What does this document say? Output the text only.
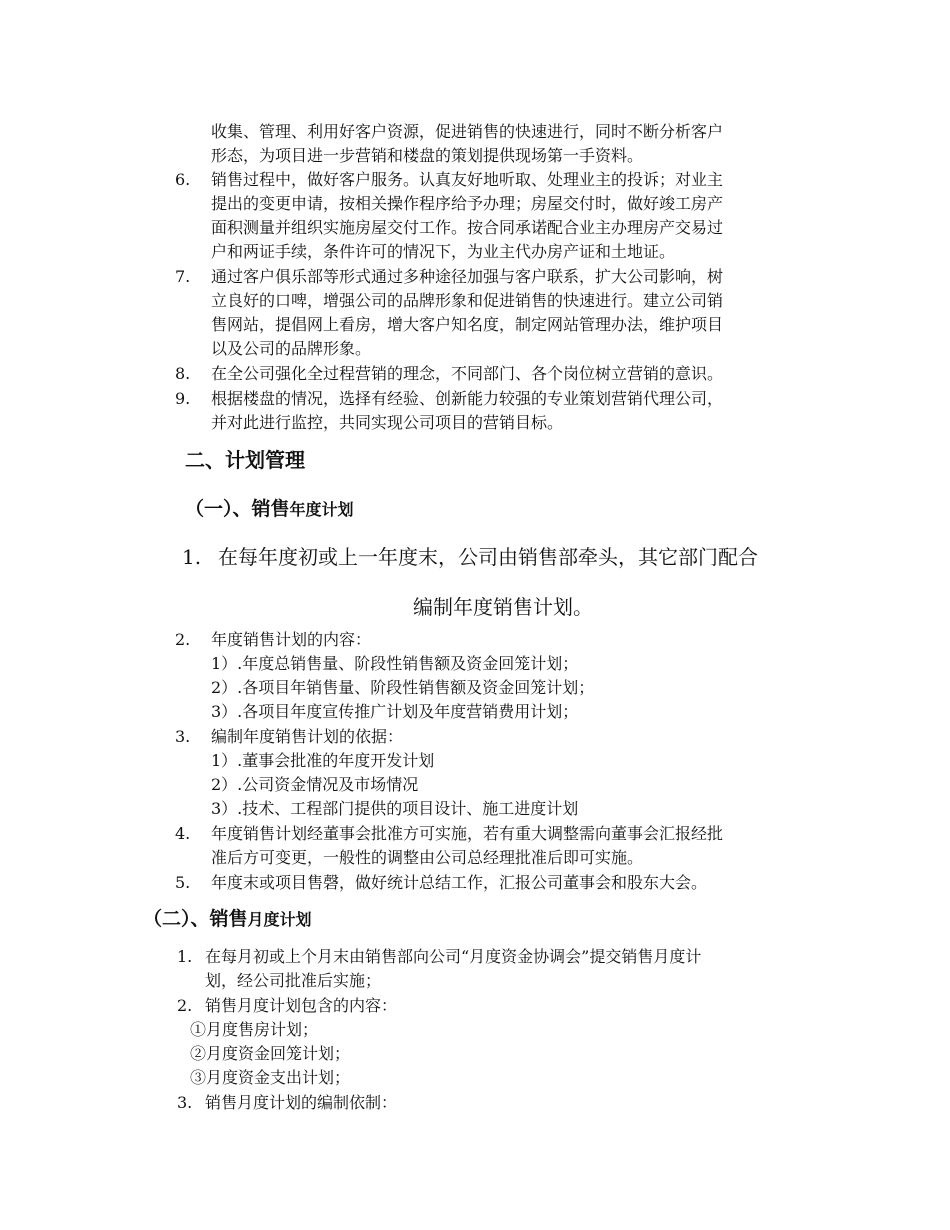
收集、管理、利用好客户资源，促进销售的快速进行，同时不断分析客户
形态，为项目进一步营销和楼盘的策划提供现场第一手资料。
6. 销售过程中，做好客户服务。认真友好地听取、处理业主的投诉；对业主
提出的变更申请，按相关操作程序给予办理；房屋交付时，做好竣工房产
面积测量并组织实施房屋交付工作。按合同承诺配合业主办理房产交易过
户和两证手续，条件许可的情况下，为业主代办房产证和土地证。
7. 通过客户俱乐部等形式通过多种途径加强与客户联系，扩大公司影响，树
立良好的口啤，增强公司的品牌形象和促进销售的快速进行。建立公司销
售网站，提倡网上看房，增大客户知名度，制定网站管理办法，维护项目
以及公司的品牌形象。
8. 在全公司强化全过程营销的理念，不同部门、各个岗位树立营销的意识。
9. 根据楼盘的情况，选择有经验、创新能力较强的专业策划营销代理公司，
并对此进行监控，共同实现公司项目的营销目标。
二、计划管理
（一）、销售年度计划
1. 在每年度初或上一年度末，公司由销售部牵头，其它部门配合
编制年度销售计划。
2. 年度销售计划的内容：
1）.年度总销售量、阶段性销售额及资金回笼计划；
2）.各项目年销售量、阶段性销售额及资金回笼计划；
3）.各项目年度宣传推广计划及年度营销费用计划；
3. 编制年度销售计划的依据：
1）.董事会批准的年度开发计划
2）.公司资金情况及市场情况
3）.技术、工程部门提供的项目设计、施工进度计划
4. 年度销售计划经董事会批准方可实施，若有重大调整需向董事会汇报经批
准后方可变更，一般性的调整由公司总经理批准后即可实施。
5. 年度末或项目售磬，做好统计总结工作，汇报公司董事会和股东大会。
（二）、销售月度计划
1. 在每月初或上个月末由销售部向公司“月度资金协调会”提交销售月度计
划，经公司批准后实施；
2. 销售月度计划包含的内容：
①月度售房计划；
②月度资金回笼计划；
③月度资金支出计划；
3. 销售月度计划的编制依制：
